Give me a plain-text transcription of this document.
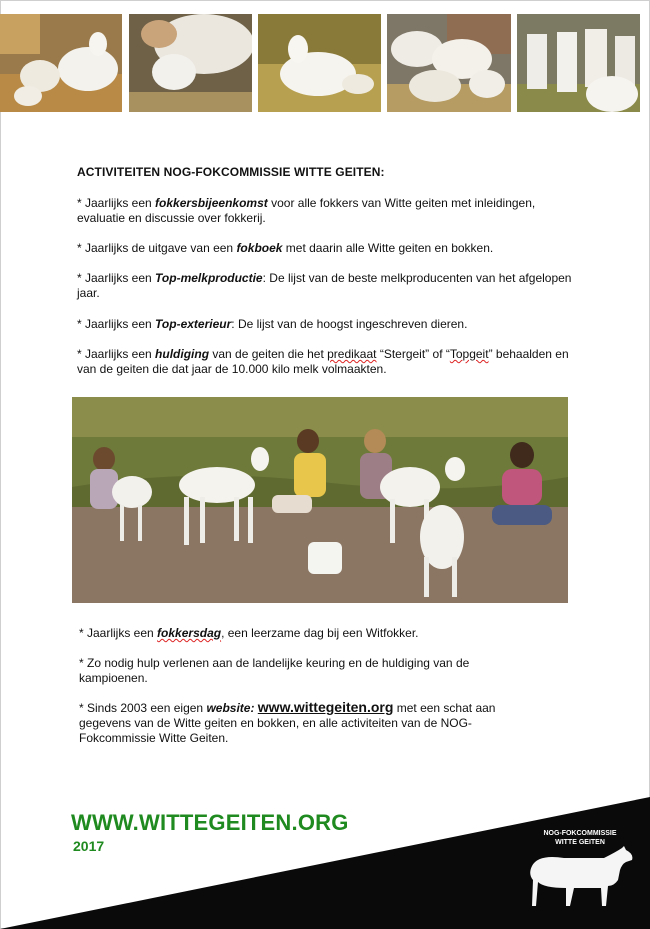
ACTIVITEITEN NOG-FOKCOMMISSIE WITTE GEITEN:
* Jaarlijks een fokkersbijeenkomst voor alle fokkers van Witte geiten met inleidingen, evaluatie en discussie over fokkerij.
* Jaarlijks de uitgave van een fokboek met daarin alle Witte geiten en bokken.
* Jaarlijks een Top-melkproductie: De lijst van de beste melkproducenten van het afgelopen jaar.
* Jaarlijks een Top-exterieur: De lijst van de hoogst ingeschreven dieren.
* Jaarlijks een huldiging van de geiten die het predikaat “Stergeit” of “Topgeit” behaalden en van de geiten die dat jaar de 10.000 kilo melk volmaakten.
* Jaarlijks een fokkersdag, een leerzame dag bij een Witfokker.
* Zo nodig hulp verlenen aan de landelijke keuring en de huldiging van de kampioenen.
* Sinds 2003 een eigen website: www.wittegeiten.org met een schat aan gegevens van de Witte geiten en bokken, en alle activiteiten van de NOG-Fokcommissie Witte Geiten.
WWW.WITTEGEITEN.ORG
2017
NOG-FOKCOMMISSIE
WITTE GEITEN
